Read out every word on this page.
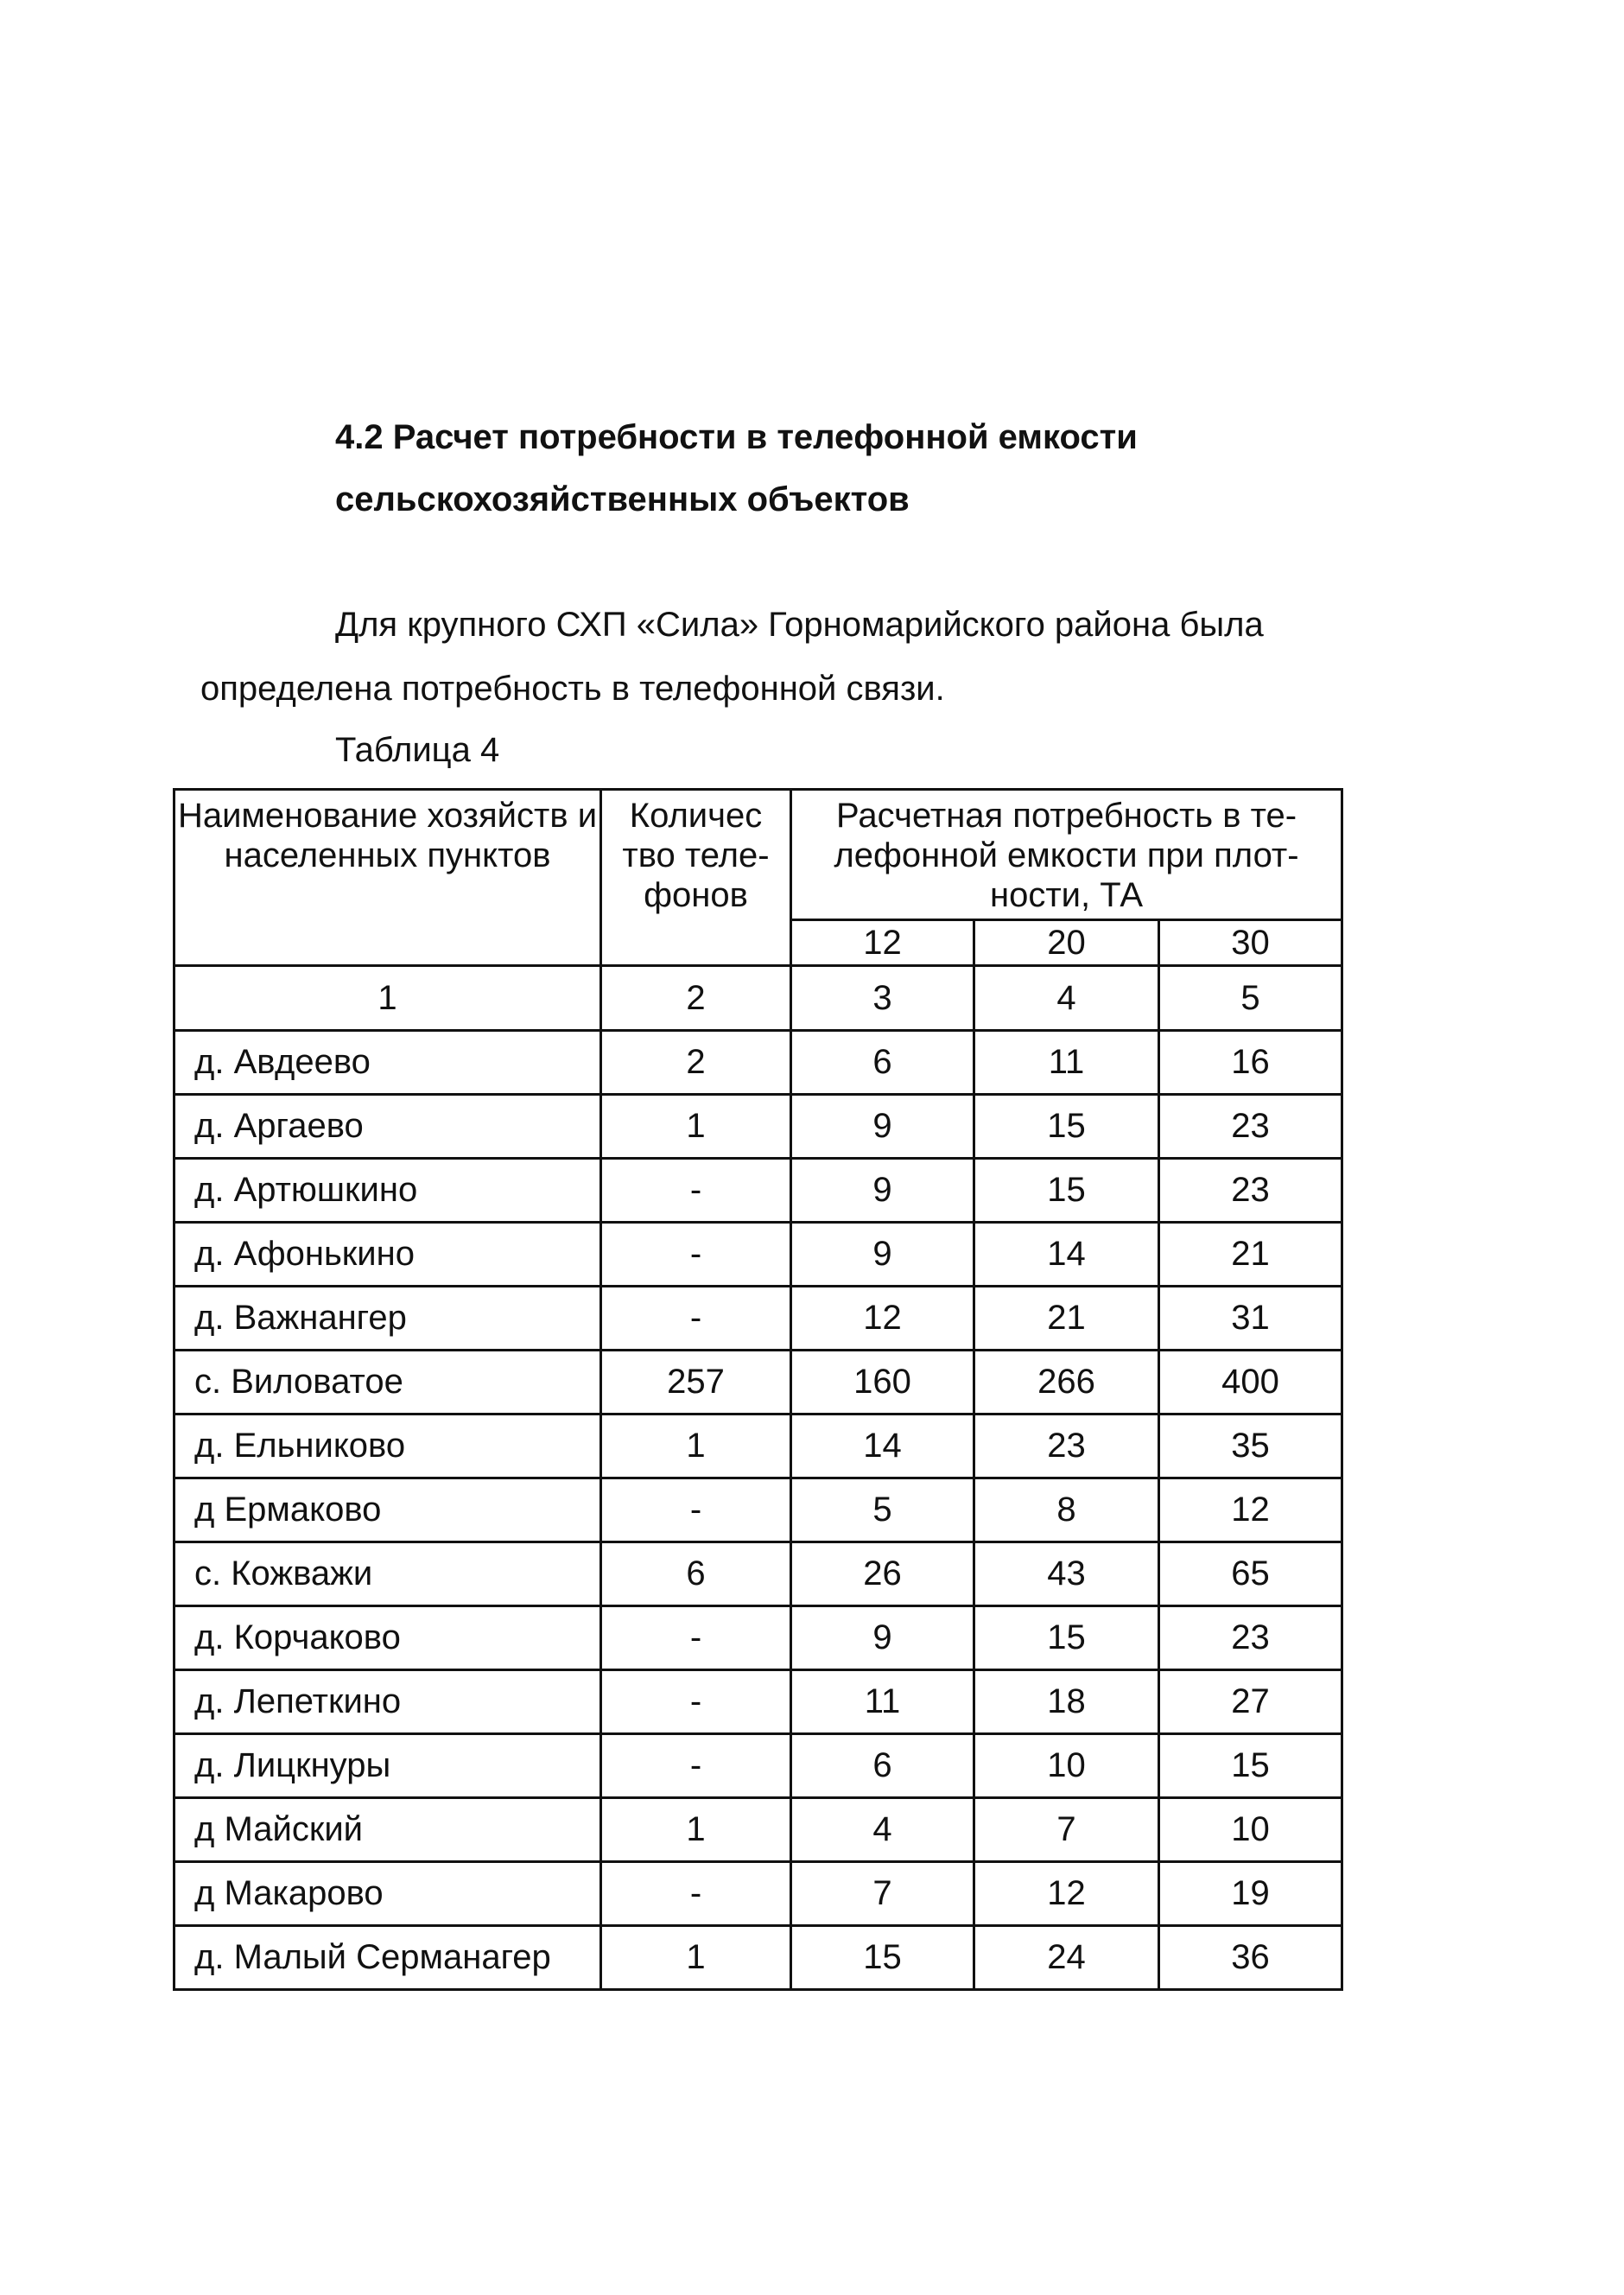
4.2 Расчет потребности в телефонной емкости
сельскохозяйственных объектов

Для крупного СХП «Сила» Горномарийского района была
определена потребность в телефонной связи.

Таблица 4

Наименование хозяйств и населенных пунктов	Количес тво теле- фонов	Расчетная потребность в те- лефонной емкости при плот- ности, ТА		
		12	20	30
1	2	3	4	5
д. Авдеево	2	6	11	16
д. Аргаево	1	9	15	23
д. Артюшкино	-	9	15	23
д. Афонькино	-	9	14	21
д. Важнангер	-	12	21	31
с. Виловатое	257	160	266	400
д. Ельниково	1	14	23	35
д Ермаково	-	5	8	12
с. Кожважи	6	26	43	65
д. Корчаково	-	9	15	23
д. Лепеткино	-	11	18	27
д. Лицкнуры	-	6	10	15
д Майский	1	4	7	10
д Макарово	-	7	12	19
д. Малый Серманагер	1	15	24	36
